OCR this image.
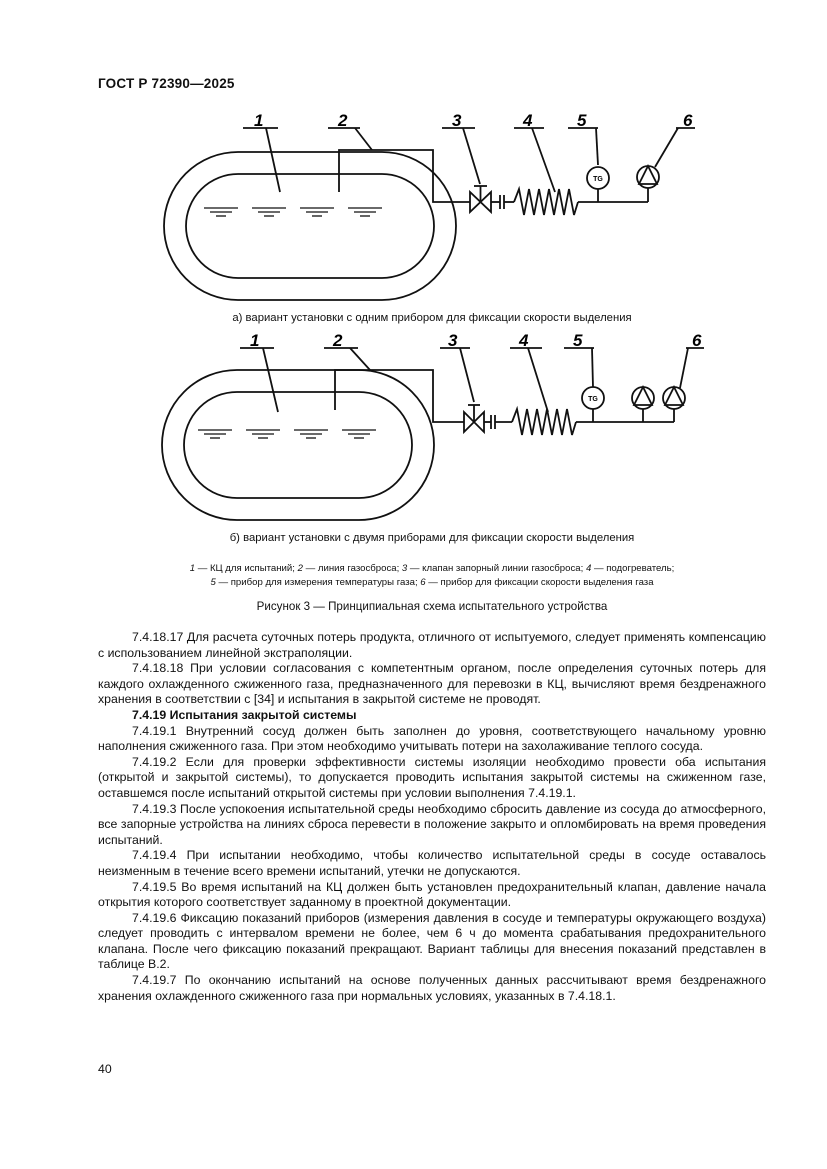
ГОСТ Р 72390—2025
TG
1	2	3	4	5	6
а) вариант установки с одним прибором для фиксации скорости выделения
TG
1	2	3	4	5	6
б) вариант установки с двумя приборами для фиксации скорости выделения
1 — КЦ для испытаний; 2 — линия газосброса; 3 — клапан запорный линии газосброса; 4 — подогреватель;
5 — прибор для измерения температуры газа; 6 — прибор для фиксации скорости выделения газа
Рисунок 3 — Принципиальная схема испытательного устройства

7.4.18.17 Для расчета суточных потерь продукта, отличного от испытуемого, следует применять компенсацию с использованием линейной экстраполяции.

7.4.18.18 При условии согласования с компетентным органом, после определения суточных потерь для каждого охлажденного сжиженного газа, предназначенного для перевозки в КЦ, вычисляют время бездренажного хранения в соответствии с [34] и испытания в закрытой системе не проводят.

7.4.19 Испытания закрытой системы

7.4.19.1 Внутренний сосуд должен быть заполнен до уровня, соответствующего начальному уровню наполнения сжиженного газа. При этом необходимо учитывать потери на захолаживание теплого сосуда.

7.4.19.2 Если для проверки эффективности системы изоляции необходимо провести оба испытания (открытой и закрытой системы), то допускается проводить испытания закрытой системы на сжиженном газе, оставшемся после испытаний открытой системы при условии выполнения 7.4.19.1.

7.4.19.3 После успокоения испытательной среды необходимо сбросить давление из сосуда до атмосферного, все запорные устройства на линиях сброса перевести в положение закрыто и опломбировать на время проведения испытаний.

7.4.19.4 При испытании необходимо, чтобы количество испытательной среды в сосуде оставалось неизменным в течение всего времени испытаний, утечки не допускаются.

7.4.19.5 Во время испытаний на КЦ должен быть установлен предохранительный клапан, давление начала открытия которого соответствует заданному в проектной документации.

7.4.19.6 Фиксацию показаний приборов (измерения давления в сосуде и температуры окружающего воздуха) следует проводить с интервалом времени не более, чем 6 ч до момента срабатывания предохранительного клапана. После чего фиксацию показаний прекращают. Вариант таблицы для внесения показаний представлен в таблице В.2.

7.4.19.7 По окончанию испытаний на основе полученных данных рассчитывают время бездренажного хранения охлажденного сжиженного газа при нормальных условиях, указанных в 7.4.18.1.

40
